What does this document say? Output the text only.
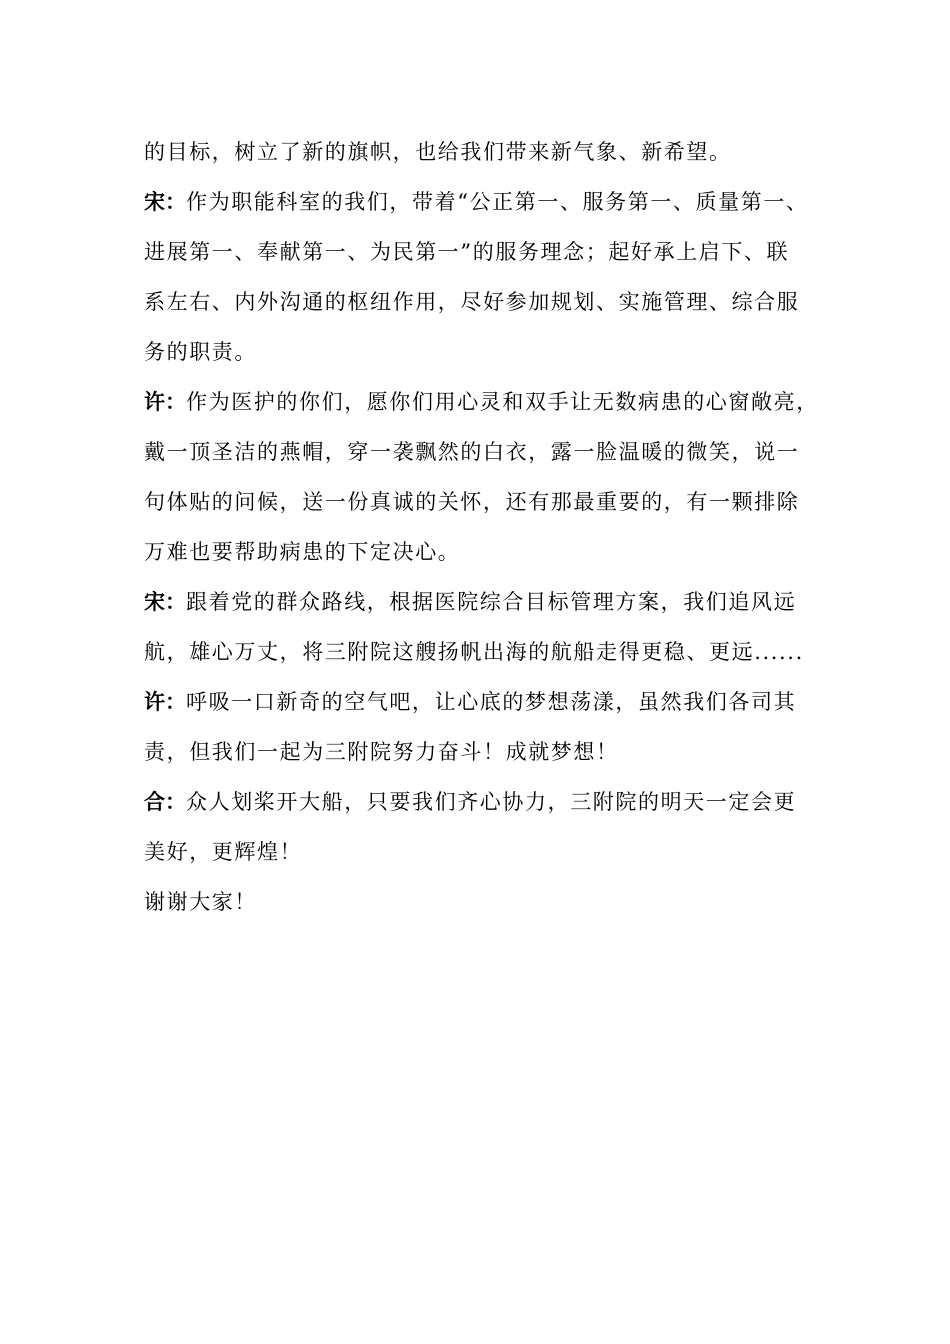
的目标，树立了新的旗帜，也给我们带来新气象、新希望。
宋：作为职能科室的我们，带着“公正第一、服务第一、质量第一、
进展第一、奉献第一、为民第一”的服务理念；起好承上启下、联
系左右、内外沟通的枢纽作用，尽好参加规划、实施管理、综合服
务的职责。
许：作为医护的你们，愿你们用心灵和双手让无数病患的心窗敞亮，
戴一顶圣洁的燕帽，穿一袭飘然的白衣，露一脸温暖的微笑，说一
句体贴的问候，送一份真诚的关怀，还有那最重要的，有一颗排除
万难也要帮助病患的下定决心。
宋：跟着党的群众路线，根据医院综合目标管理方案，我们追风远
航，雄心万丈，将三附院这艘扬帆出海的航船走得更稳、更远......
许：呼吸一口新奇的空气吧，让心底的梦想荡漾，虽然我们各司其
责，但我们一起为三附院努力奋斗！成就梦想！
合：众人划桨开大船，只要我们齐心协力，三附院的明天一定会更
美好，更辉煌！
谢谢大家！
